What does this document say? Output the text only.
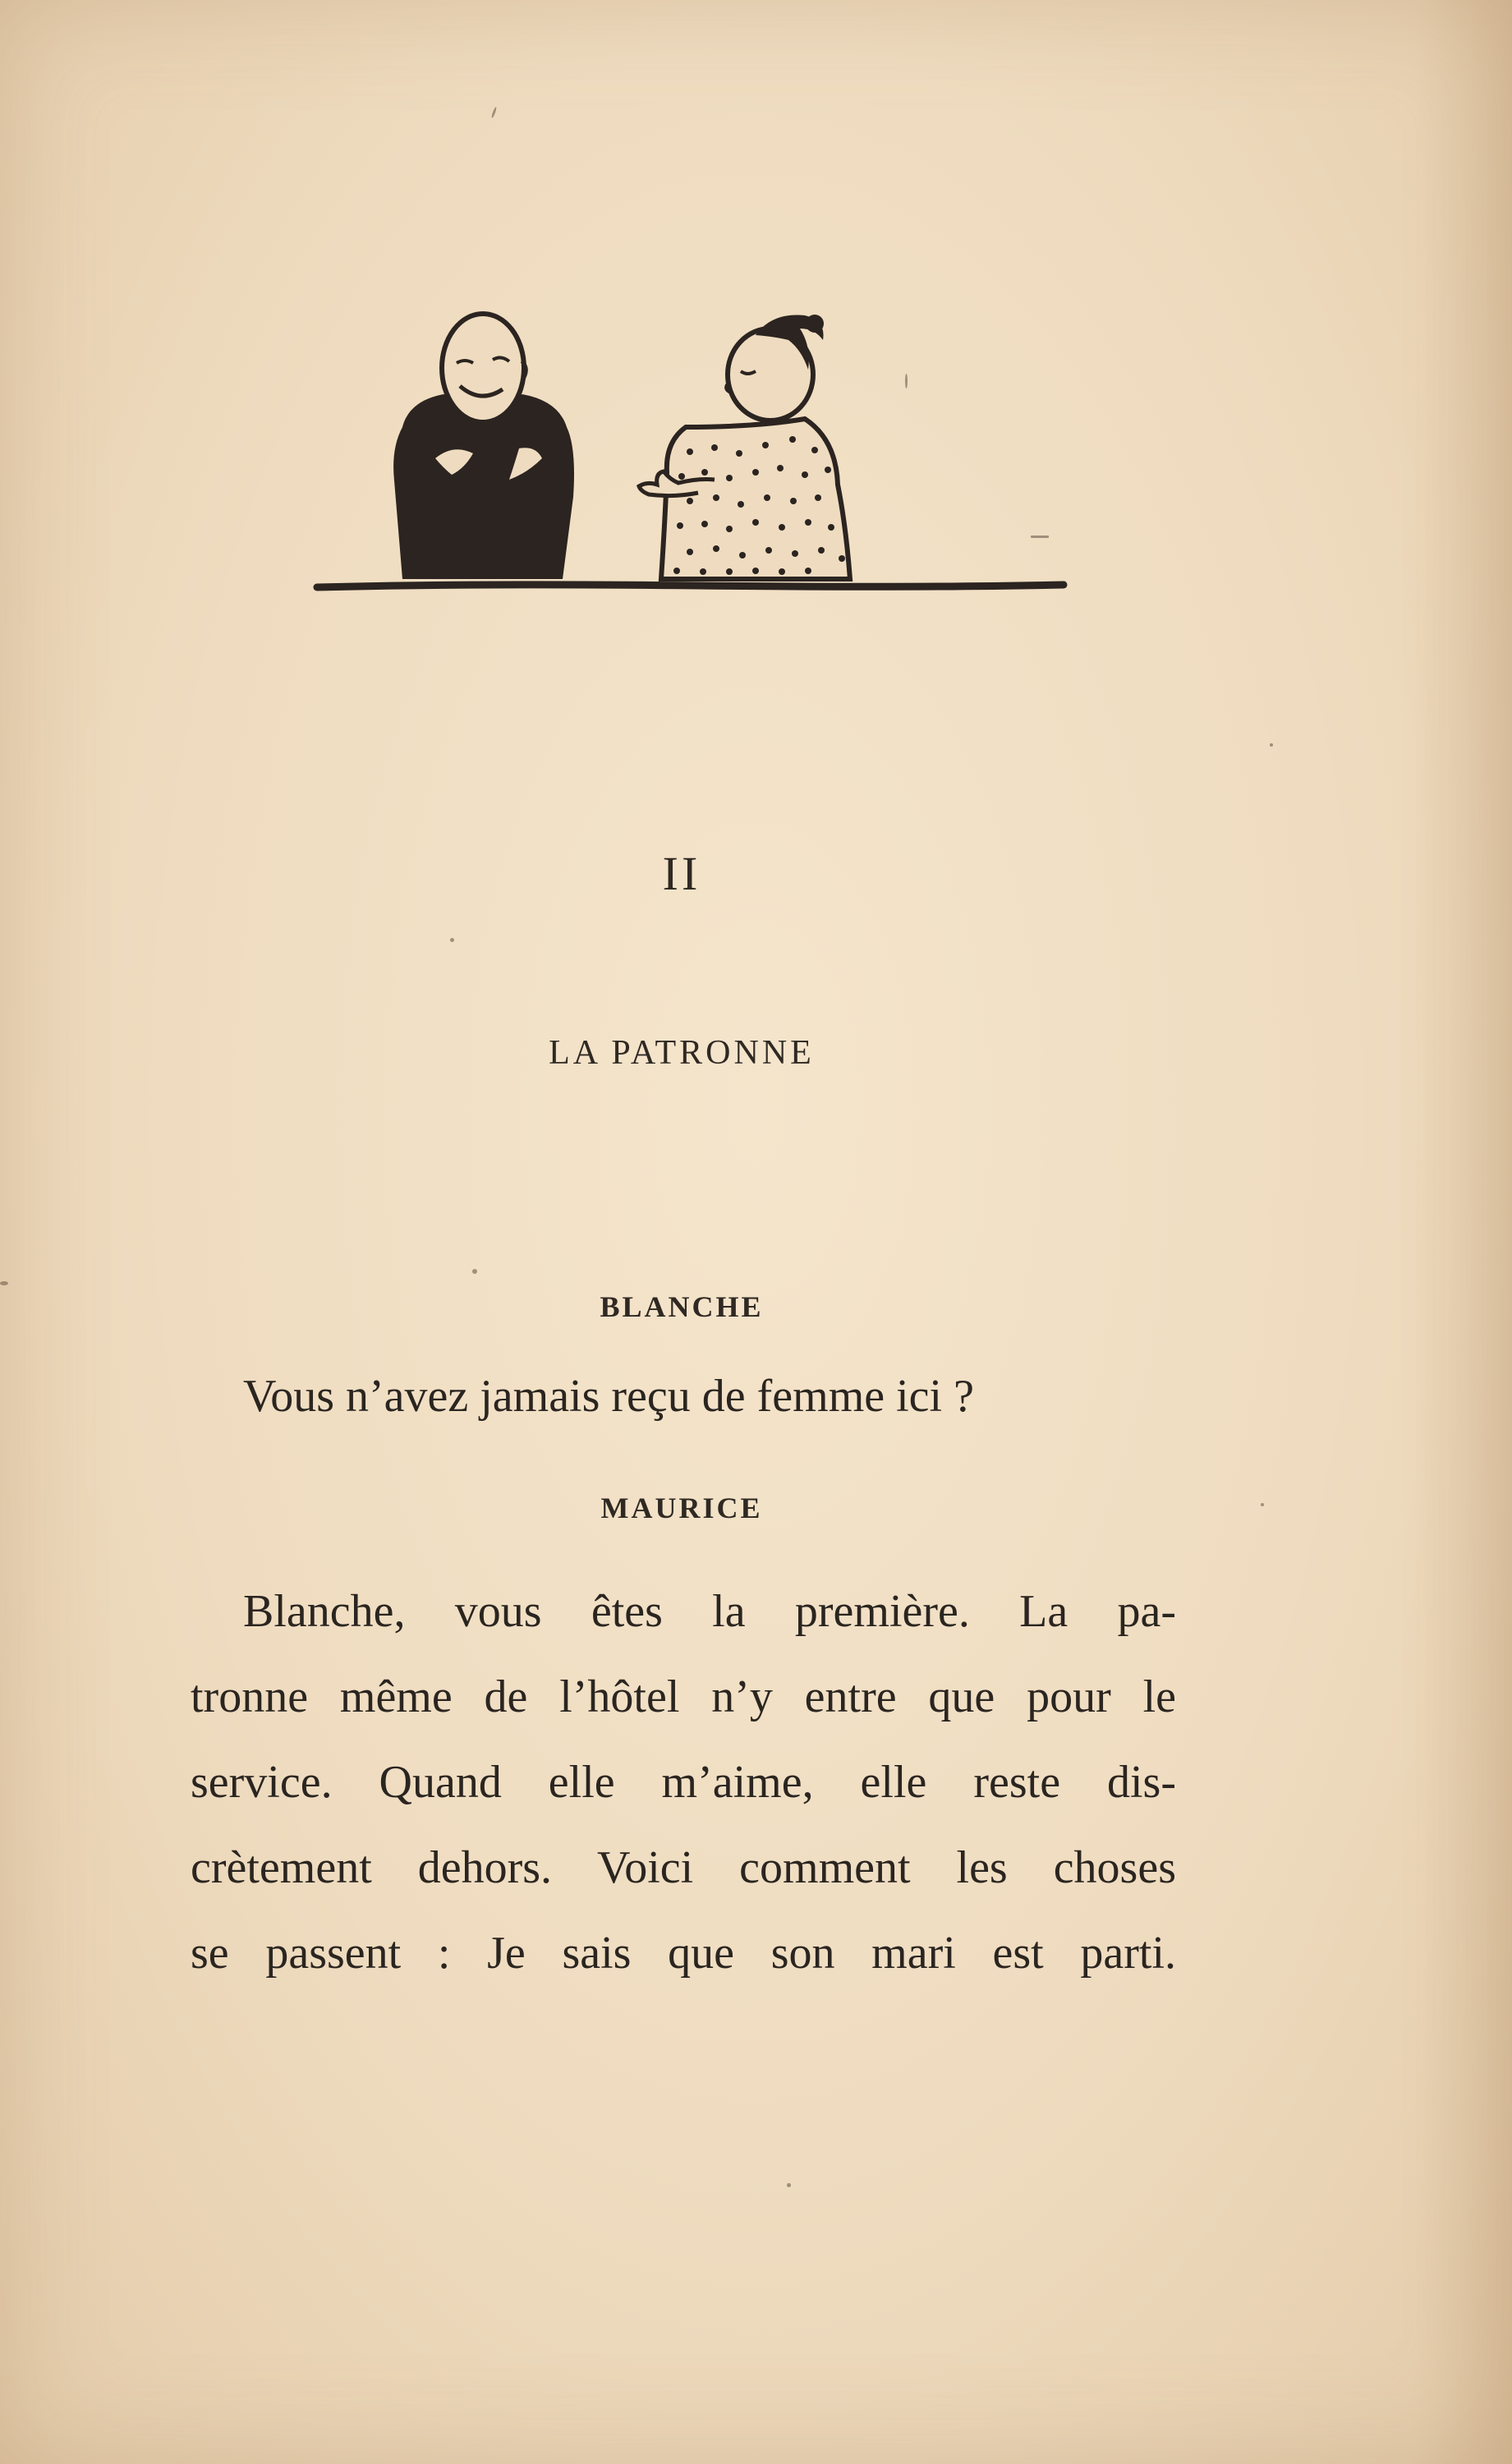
II
LA PATRONNE
BLANCHE
Vous n’avez jamais reçu de femme ici ?
MAURICE
Blanche, vous êtes la première. La pa-
tronne même de l’hôtel n’y entre que pour le
service. Quand elle m’aime, elle reste dis-
crètement dehors. Voici comment les choses
se passent : Je sais que son mari est parti.
